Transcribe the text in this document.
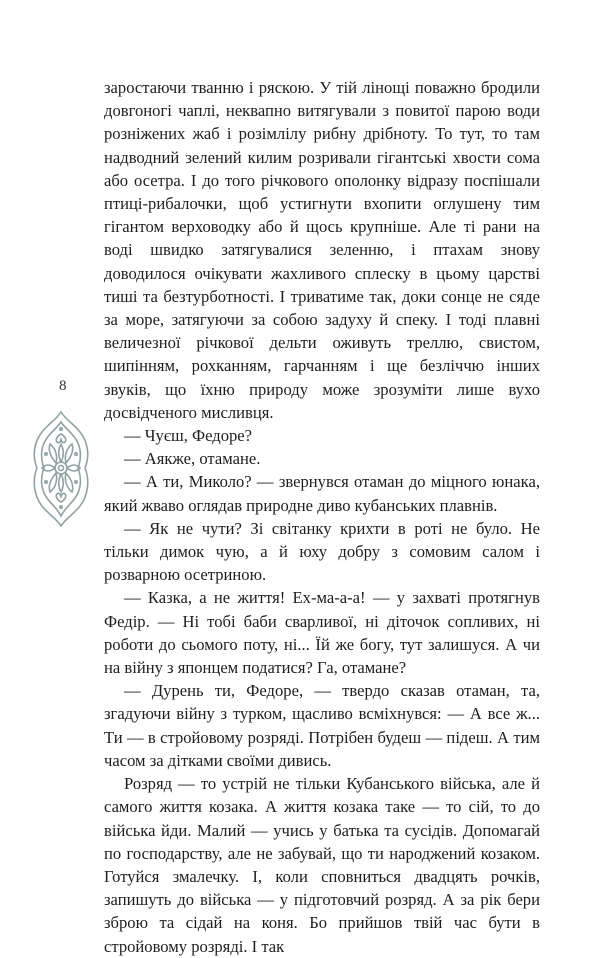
8

заростаючи тванню і ряскою. У тій лінощі поважно бродили довгоногі чаплі, неквапно витягували з повитої парою води розніжених жаб і розімлілу рибну дрібноту. То тут, то там надводний зелений килим розривали гігантські хвости сома або осетра. І до того річкового ополонку відразу поспішали птиці-рибалочки, щоб устигнути вхопити оглушену тим гігантом верховодку або й щось крупніше. Але ті рани на воді швидко затягувалися зеленню, і птахам знову доводилося очікувати жахливого сплеску в цьому царстві тиші та безтурботності. І триватиме так, доки сонце не сяде за море, затягуючи за собою задуху й спеку. І тоді плавні величезної річкової дельти оживуть треллю, свистом, шипінням, рохканням, гарчанням і ще безліччю інших звуків, що їхню природу може зрозуміти лише вухо досвідченого мисливця.

— Чуєш, Федоре?

— Аякже, отамане.

— А ти, Миколо? — звернувся отаман до міцного юнака, який жваво оглядав природне диво кубанських плавнів.

— Як не чути? Зі світанку крихти в роті не було. Не тільки димок чую, а й юху добру з сомовим салом і розварною осетриною.

— Казка, а не життя! Ех-ма-а-а! — у захваті протягнув Федір. — Ні тобі баби сварливої, ні діточок сопливих, ні роботи до сьомого поту, ні... Їй же богу, тут залишуся. А чи на війну з японцем податися? Га, отамане?

— Дурень ти, Федоре, — твердо сказав отаман, та, згадуючи війну з турком, щасливо всміхнувся: — А все ж... Ти — в стройовому розряді. Потрібен будеш — підеш. А тим часом за дітками своїми дивись.

Розряд — то устрій не тільки Кубанського війська, але й самого життя козака. А життя козака таке — то сій, то до війська йди. Малий — учись у батька та сусідів. Допомагай по господарству, але не забувай, що ти народжений козаком. Готуйся змалечку. І, коли сповниться двадцять рочків, запишуть до війська — у підготовчий розряд. А за рік бери зброю та сідай на коня. Бо прийшов твій час бути в стройовому розряді. І так
